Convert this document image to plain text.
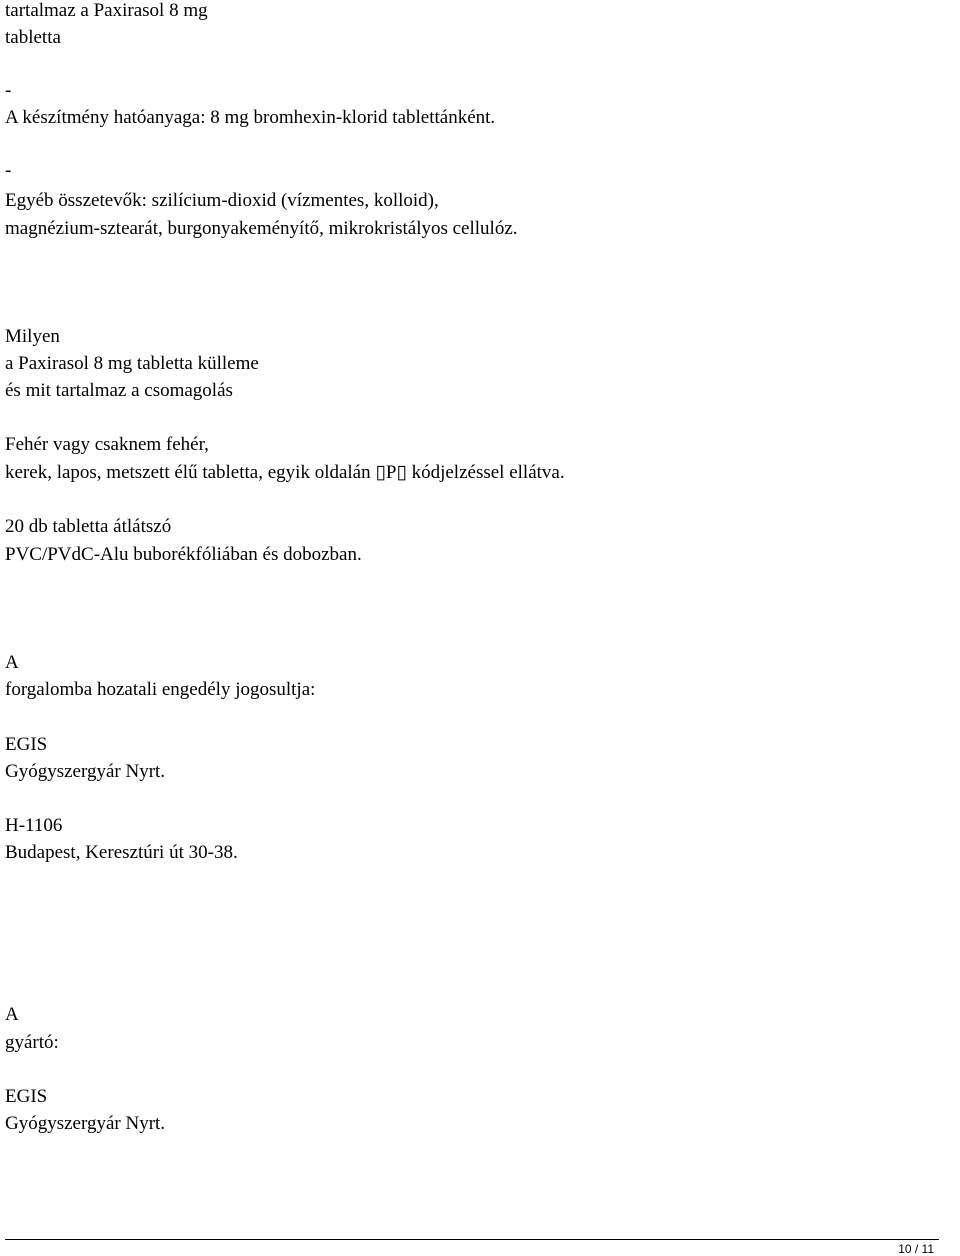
tartalmaz a Paxirasol 8 mg
tabletta
-
A készítmény hatóanyaga: 8 mg bromhexin-klorid tablettánként.
-
Egyéb összetevők: szilícium-dioxid (vízmentes, kolloid),
magnézium-sztearát, burgonyakeményítő, mikrokristályos cellulóz.
Milyen
a Paxirasol 8 mg tabletta külleme
és mit tartalmaz a csomagolás
Fehér vagy csaknem fehér,
kerek, lapos, metszett élű tabletta, egyik oldalán ▯P▯ kódjelzéssel ellátva.
20 db tabletta átlátszó
PVC/PVdC-Alu buborékfóliában és dobozban.
A
forgalomba hozatali engedély jogosultja:
EGIS
Gyógyszergyár Nyrt.
H-1106
Budapest, Keresztúri út 30-38.
A
gyártó:
EGIS
Gyógyszergyár Nyrt.
10 / 11
